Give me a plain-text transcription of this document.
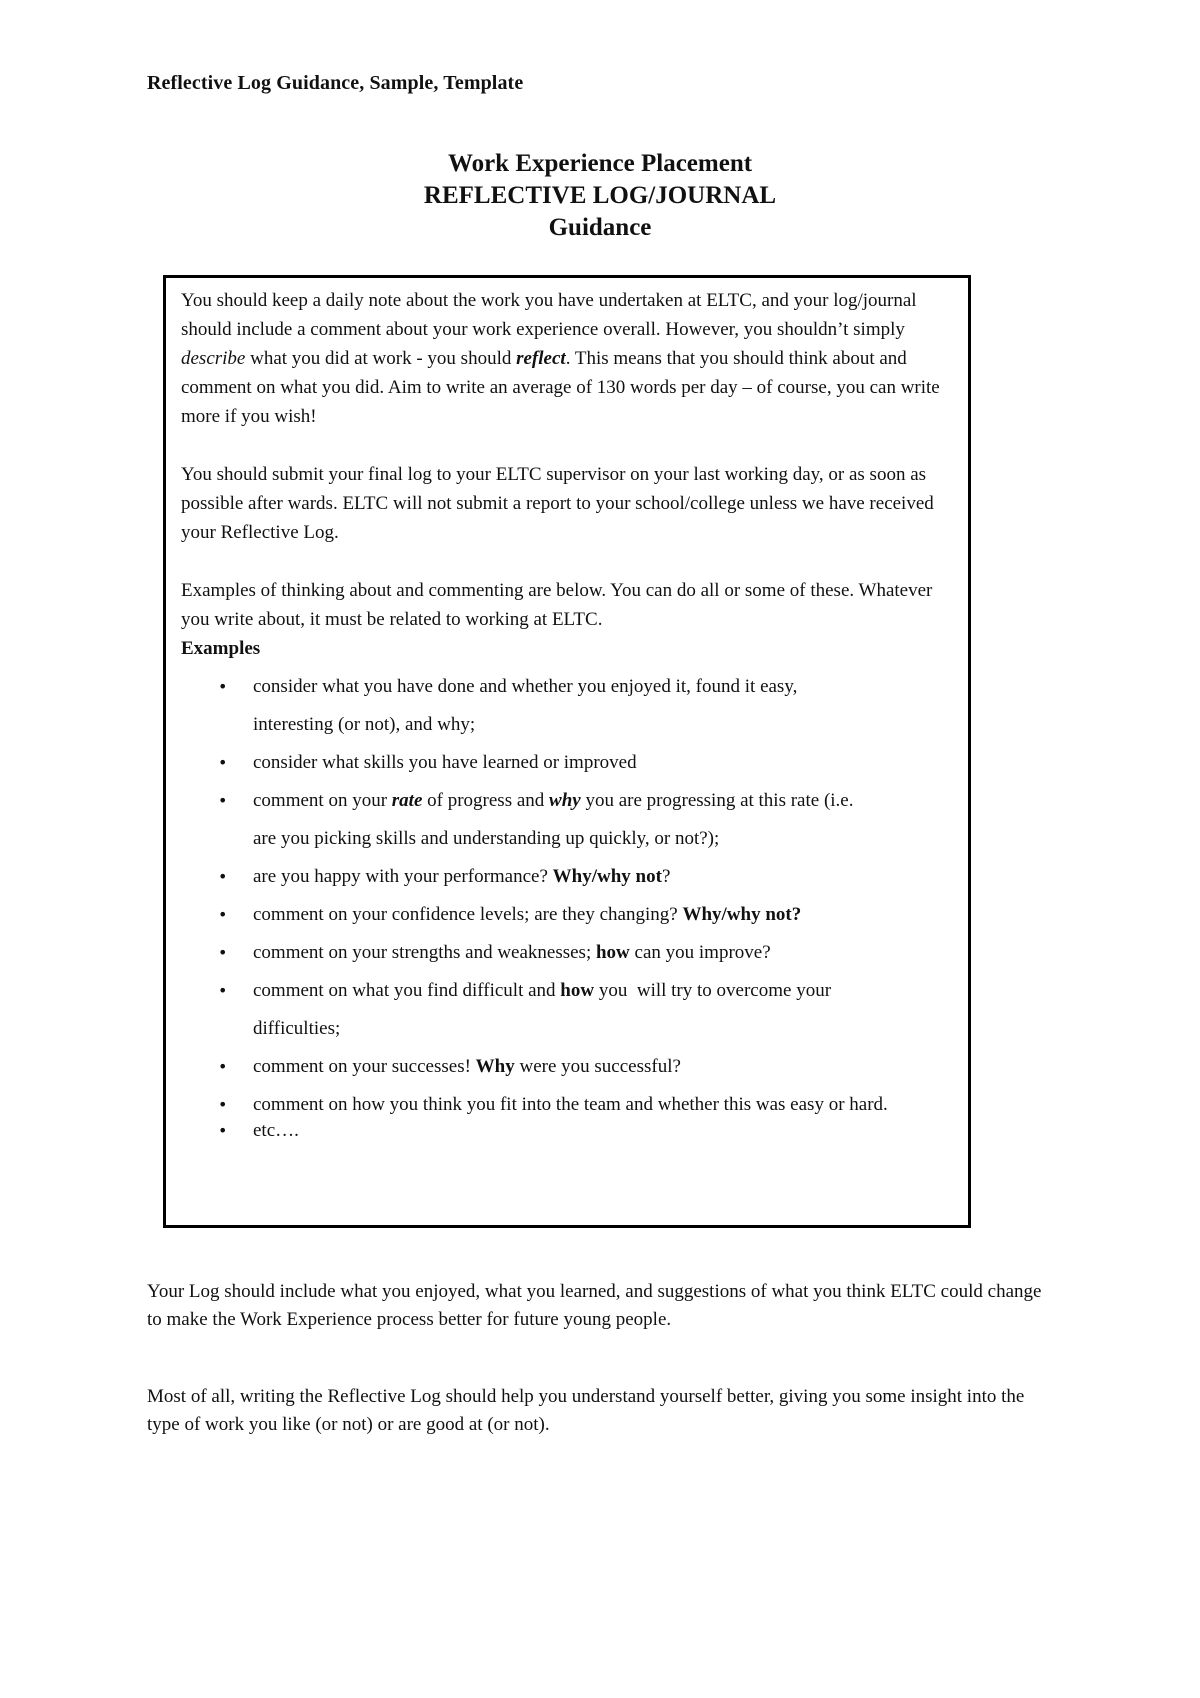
Reflective Log Guidance, Sample, Template
Work Experience Placement
REFLECTIVE LOG/JOURNAL
Guidance

You should keep a daily note about the work you have undertaken at ELTC, and your log/journal should include a comment about your work experience overall. However, you shouldn’t simply describe what you did at work - you should reflect. This means that you should think about and comment on what you did. Aim to write an average of 130 words per day – of course, you can write more if you wish!

You should submit your final log to your ELTC supervisor on your last working day, or as soon as possible after wards. ELTC will not submit a report to your school/college unless we have received your Reflective Log.

Examples of thinking about and commenting are below. You can do all or some of these. Whatever you write about, it must be related to working at ELTC.

Examples
• consider what you have done and whether you enjoyed it, found it easy,
interesting (or not), and why;
• consider what skills you have learned or improved
• comment on your rate of progress and why you are progressing at this rate (i.e.
are you picking skills and understanding up quickly, or not?);
• are you happy with your performance? Why/why not?
• comment on your confidence levels; are they changing? Why/why not?
• comment on your strengths and weaknesses; how can you improve?
• comment on what you find difficult and how you  will try to overcome your
difficulties;
• comment on your successes! Why were you successful?
• comment on how you think you fit into the team and whether this was easy or hard.
• etc….
Your Log should include what you enjoyed, what you learned, and suggestions of what you think ELTC could change to make the Work Experience process better for future young people.
Most of all, writing the Reflective Log should help you understand yourself better, giving you some insight into the type of work you like (or not) or are good at (or not).
